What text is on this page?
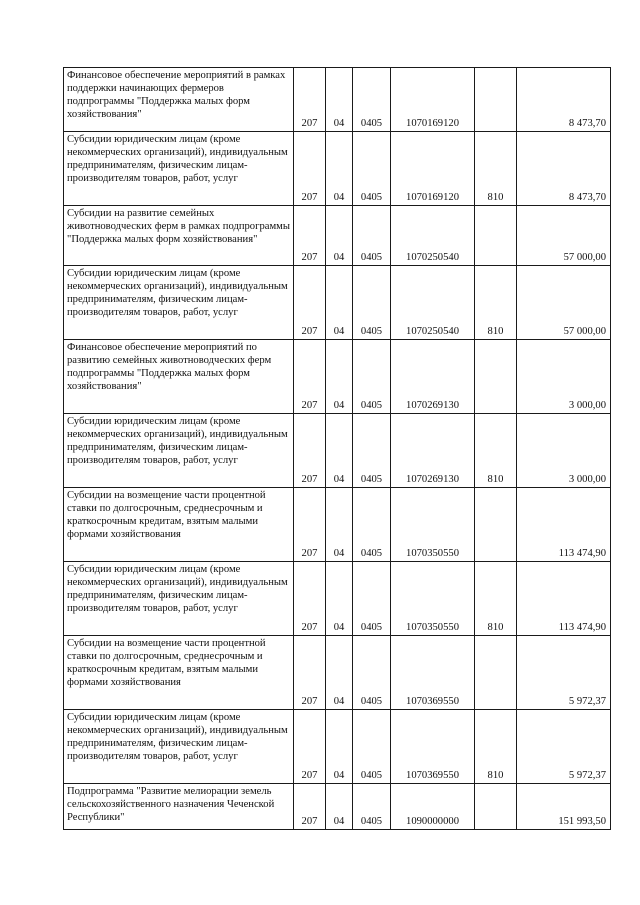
Финансовое обеспечение мероприятий в рамках поддержки начинающих фермеров подпрограммы "Поддержка малых форм хозяйствования"	207	04	0405	1070169120		8 473,70
Субсидии юридическим лицам (кроме некоммерческих организаций), индивидуальным предпринимателям, физическим лицам-производителям товаров, работ, услуг	207	04	0405	1070169120	810	8 473,70
Субсидии на развитие семейных животноводческих ферм в рамках подпрограммы "Поддержка малых форм хозяйствования"	207	04	0405	1070250540		57 000,00
Субсидии юридическим лицам (кроме некоммерческих организаций), индивидуальным предпринимателям, физическим лицам-производителям товаров, работ, услуг	207	04	0405	1070250540	810	57 000,00
Финансовое обеспечение мероприятий по развитию семейных животноводческих ферм подпрограммы "Поддержка малых форм хозяйствования"	207	04	0405	1070269130		3 000,00
Субсидии юридическим лицам (кроме некоммерческих организаций), индивидуальным предпринимателям, физическим лицам-производителям товаров, работ, услуг	207	04	0405	1070269130	810	3 000,00
Субсидии на возмещение части процентной ставки по долгосрочным, среднесрочным и краткосрочным кредитам, взятым малыми формами хозяйствования	207	04	0405	1070350550		113 474,90
Субсидии юридическим лицам (кроме некоммерческих организаций), индивидуальным предпринимателям, физическим лицам-производителям товаров, работ, услуг	207	04	0405	1070350550	810	113 474,90
Субсидии на возмещение части процентной ставки по долгосрочным, среднесрочным и краткосрочным кредитам, взятым малыми формами хозяйствования	207	04	0405	1070369550		5 972,37
Субсидии юридическим лицам (кроме некоммерческих организаций), индивидуальным предпринимателям, физическим лицам-производителям товаров, работ, услуг	207	04	0405	1070369550	810	5 972,37
Подпрограмма "Развитие мелиорации земель сельскохозяйственного назначения Чеченской Республики"	207	04	0405	1090000000		151 993,50
